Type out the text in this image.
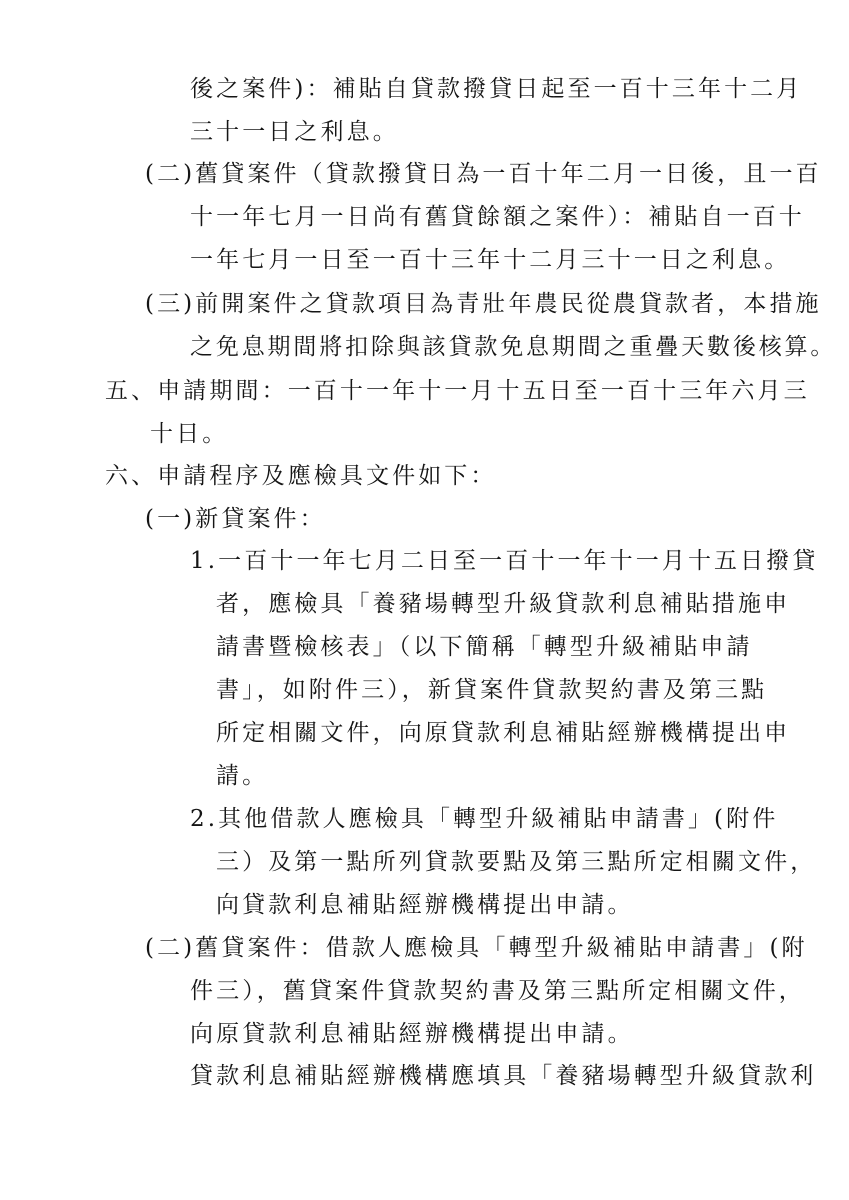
後之案件)：補貼自貸款撥貸日起至一百十三年十二月
三十一日之利息。
(二)舊貸案件（貸款撥貸日為一百十年二月一日後，且一百
十一年七月一日尚有舊貸餘額之案件）：補貼自一百十
一年七月一日至一百十三年十二月三十一日之利息。
(三)前開案件之貸款項目為青壯年農民從農貸款者，本措施
之免息期間將扣除與該貸款免息期間之重疊天數後核算。
五、申請期間：一百十一年十一月十五日至一百十三年六月三
十日。
六、申請程序及應檢具文件如下：
(一)新貸案件：
1.一百十一年七月二日至一百十一年十一月十五日撥貸
者，應檢具「養豬場轉型升級貸款利息補貼措施申
請書暨檢核表」（以下簡稱「轉型升級補貼申請
書」，如附件三），新貸案件貸款契約書及第三點
所定相關文件，向原貸款利息補貼經辦機構提出申
請。
2.其他借款人應檢具「轉型升級補貼申請書」(附件
三）及第一點所列貸款要點及第三點所定相關文件，
向貸款利息補貼經辦機構提出申請。
(二)舊貸案件：借款人應檢具「轉型升級補貼申請書」(附
件三），舊貸案件貸款契約書及第三點所定相關文件，
向原貸款利息補貼經辦機構提出申請。
貸款利息補貼經辦機構應填具「養豬場轉型升級貸款利
